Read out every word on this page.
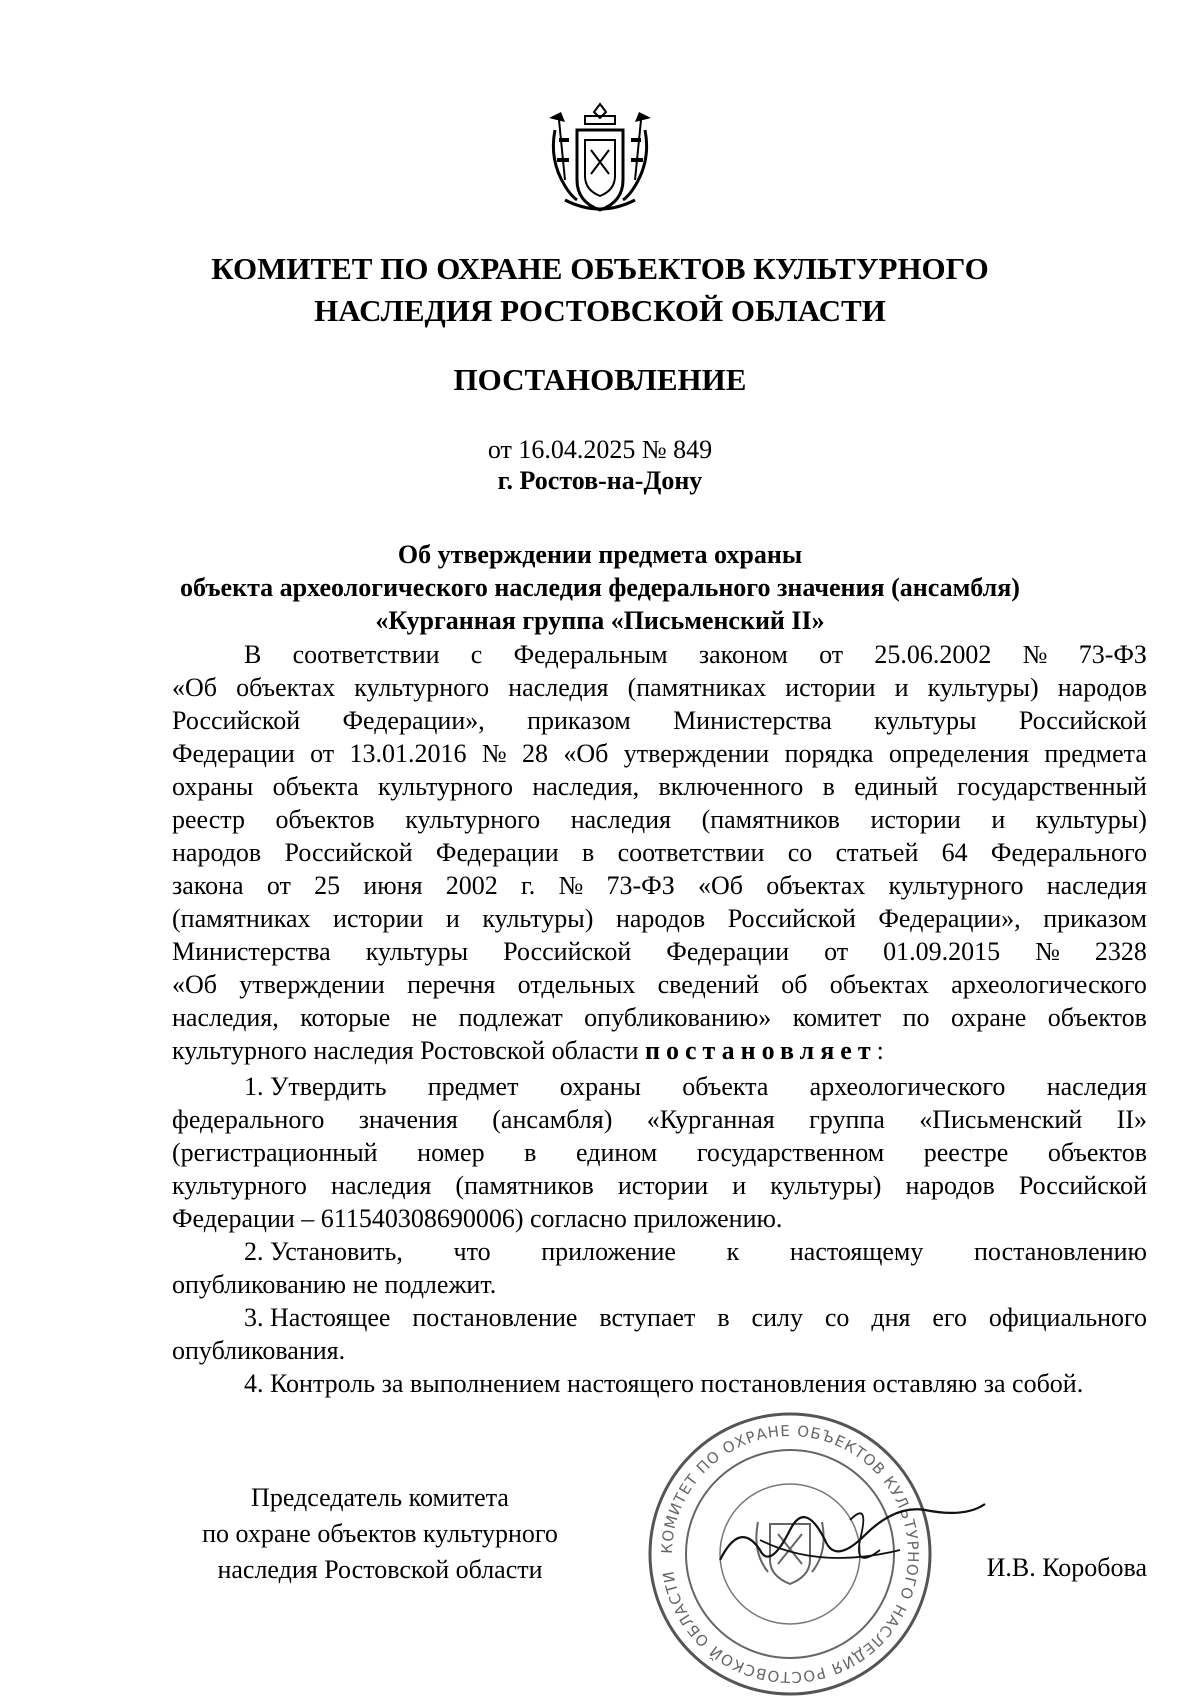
КОМИТЕТ ПО ОХРАНЕ ОБЪЕКТОВ КУЛЬТУРНОГО
НАСЛЕДИЯ РОСТОВСКОЙ ОБЛАСТИ
ПОСТАНОВЛЕНИЕ
от 16.04.2025 № 849
г. Ростов-на-Дону
Об утверждении предмета охраны
объекта археологического наследия федерального значения (ансамбля)
«Курганная группа «Письменский II»
В соответствии с Федеральным законом от 25.06.2002 № 73-ФЗ
«Об объектах культурного наследия (памятниках истории и культуры) народов
Российской Федерации», приказом Министерства культуры Российской
Федерации от 13.01.2016 № 28 «Об утверждении порядка определения предмета
охраны объекта культурного наследия, включенного в единый государственный
реестр объектов культурного наследия (памятников истории и культуры)
народов Российской Федерации в соответствии со статьей 64 Федерального
закона от 25 июня 2002 г. № 73-ФЗ «Об объектах культурного наследия
(памятниках истории и культуры) народов Российской Федерации», приказом
Министерства культуры Российской Федерации от 01.09.2015 № 2328
«Об утверждении перечня отдельных сведений об объектах археологического
наследия, которые не подлежат опубликованию» комитет по охране объектов
культурного наследия Ростовской области постановляет :
1. Утвердить предмет охраны объекта археологического наследия
федерального значения (ансамбля) «Курганная группа «Письменский II»
(регистрационный номер в едином государственном реестре объектов
культурного наследия (памятников истории и культуры) народов Российской
Федерации – 611540308690006) согласно приложению.
2. Установить, что приложение к настоящему постановлению
опубликованию не подлежит.
3. Настоящее постановление вступает в силу со дня его официального
опубликования.
4. Контроль за выполнением настоящего постановления оставляю за собой.
Председатель комитета
по охране объектов культурного
наследия Ростовской области
КОМИТЕТ ПО ОХРАНЕ ОБЪЕКТОВ КУЛЬТУРНОГО НАСЛЕДИЯ РОСТОВСКОЙ ОБЛАСТИ	И.В. Коробова
